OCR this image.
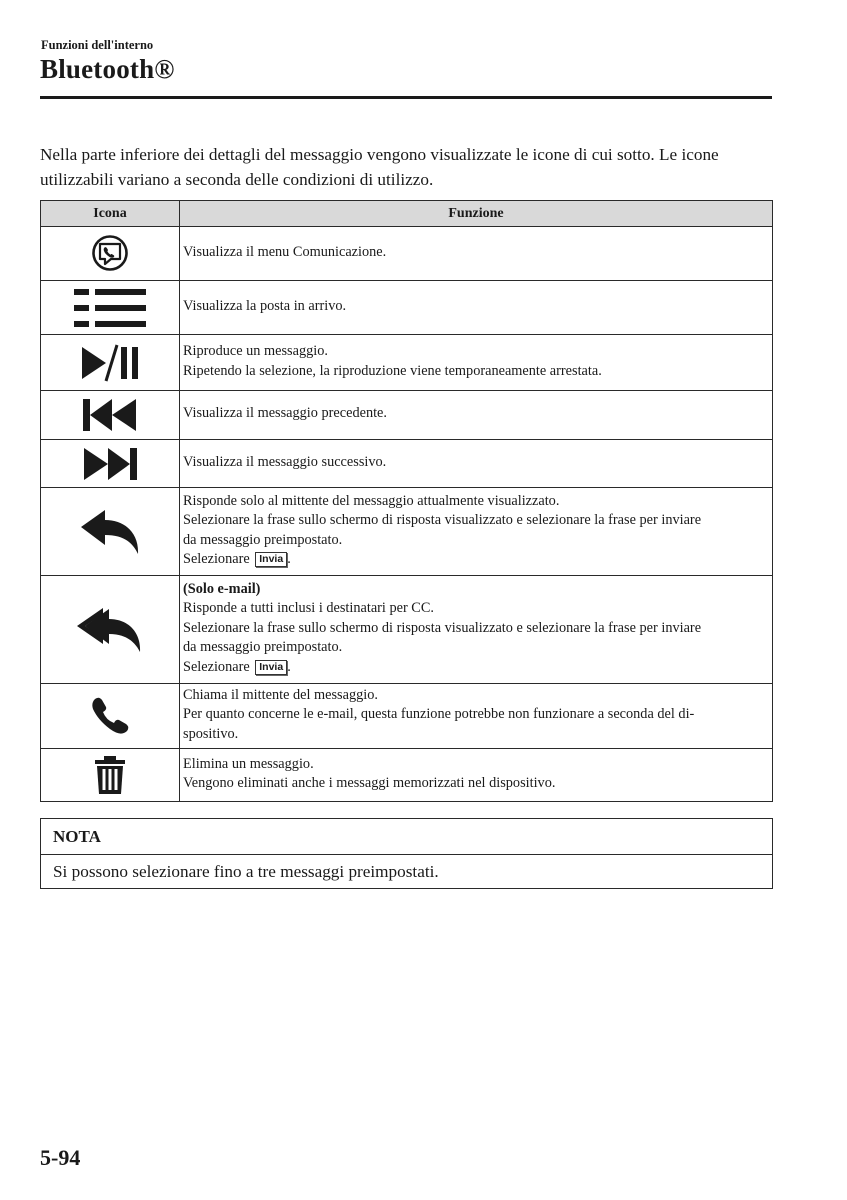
Funzioni dell'interno
Bluetooth®
Nella parte inferiore dei dettagli del messaggio vengono visualizzate le icone di cui sotto. Le icone utilizzabili variano a seconda delle condizioni di utilizzo.
Icona	Funzione

Visualizza il menu Comunicazione.

Visualizza la posta in arrivo.

Riproduce un messaggio.
Ripetendo la selezione, la riproduzione viene temporaneamente arrestata.

Visualizza il messaggio precedente.

Visualizza il messaggio successivo.

Risponde solo al mittente del messaggio attualmente visualizzato.
Selezionare la frase sullo schermo di risposta visualizzato e selezionare la frase per inviare
da messaggio preimpostato.
Selezionare Invia .

(Solo e-mail)
Risponde a tutti inclusi i destinatari per CC.
Selezionare la frase sullo schermo di risposta visualizzato e selezionare la frase per inviare
da messaggio preimpostato.
Selezionare Invia .

Chiama il mittente del messaggio.
Per quanto concerne le e-mail, questa funzione potrebbe non funzionare a seconda del di-
spositivo.

Elimina un messaggio.
Vengono eliminati anche i messaggi memorizzati nel dispositivo.
NOTA
Si possono selezionare fino a tre messaggi preimpostati.
5-94
